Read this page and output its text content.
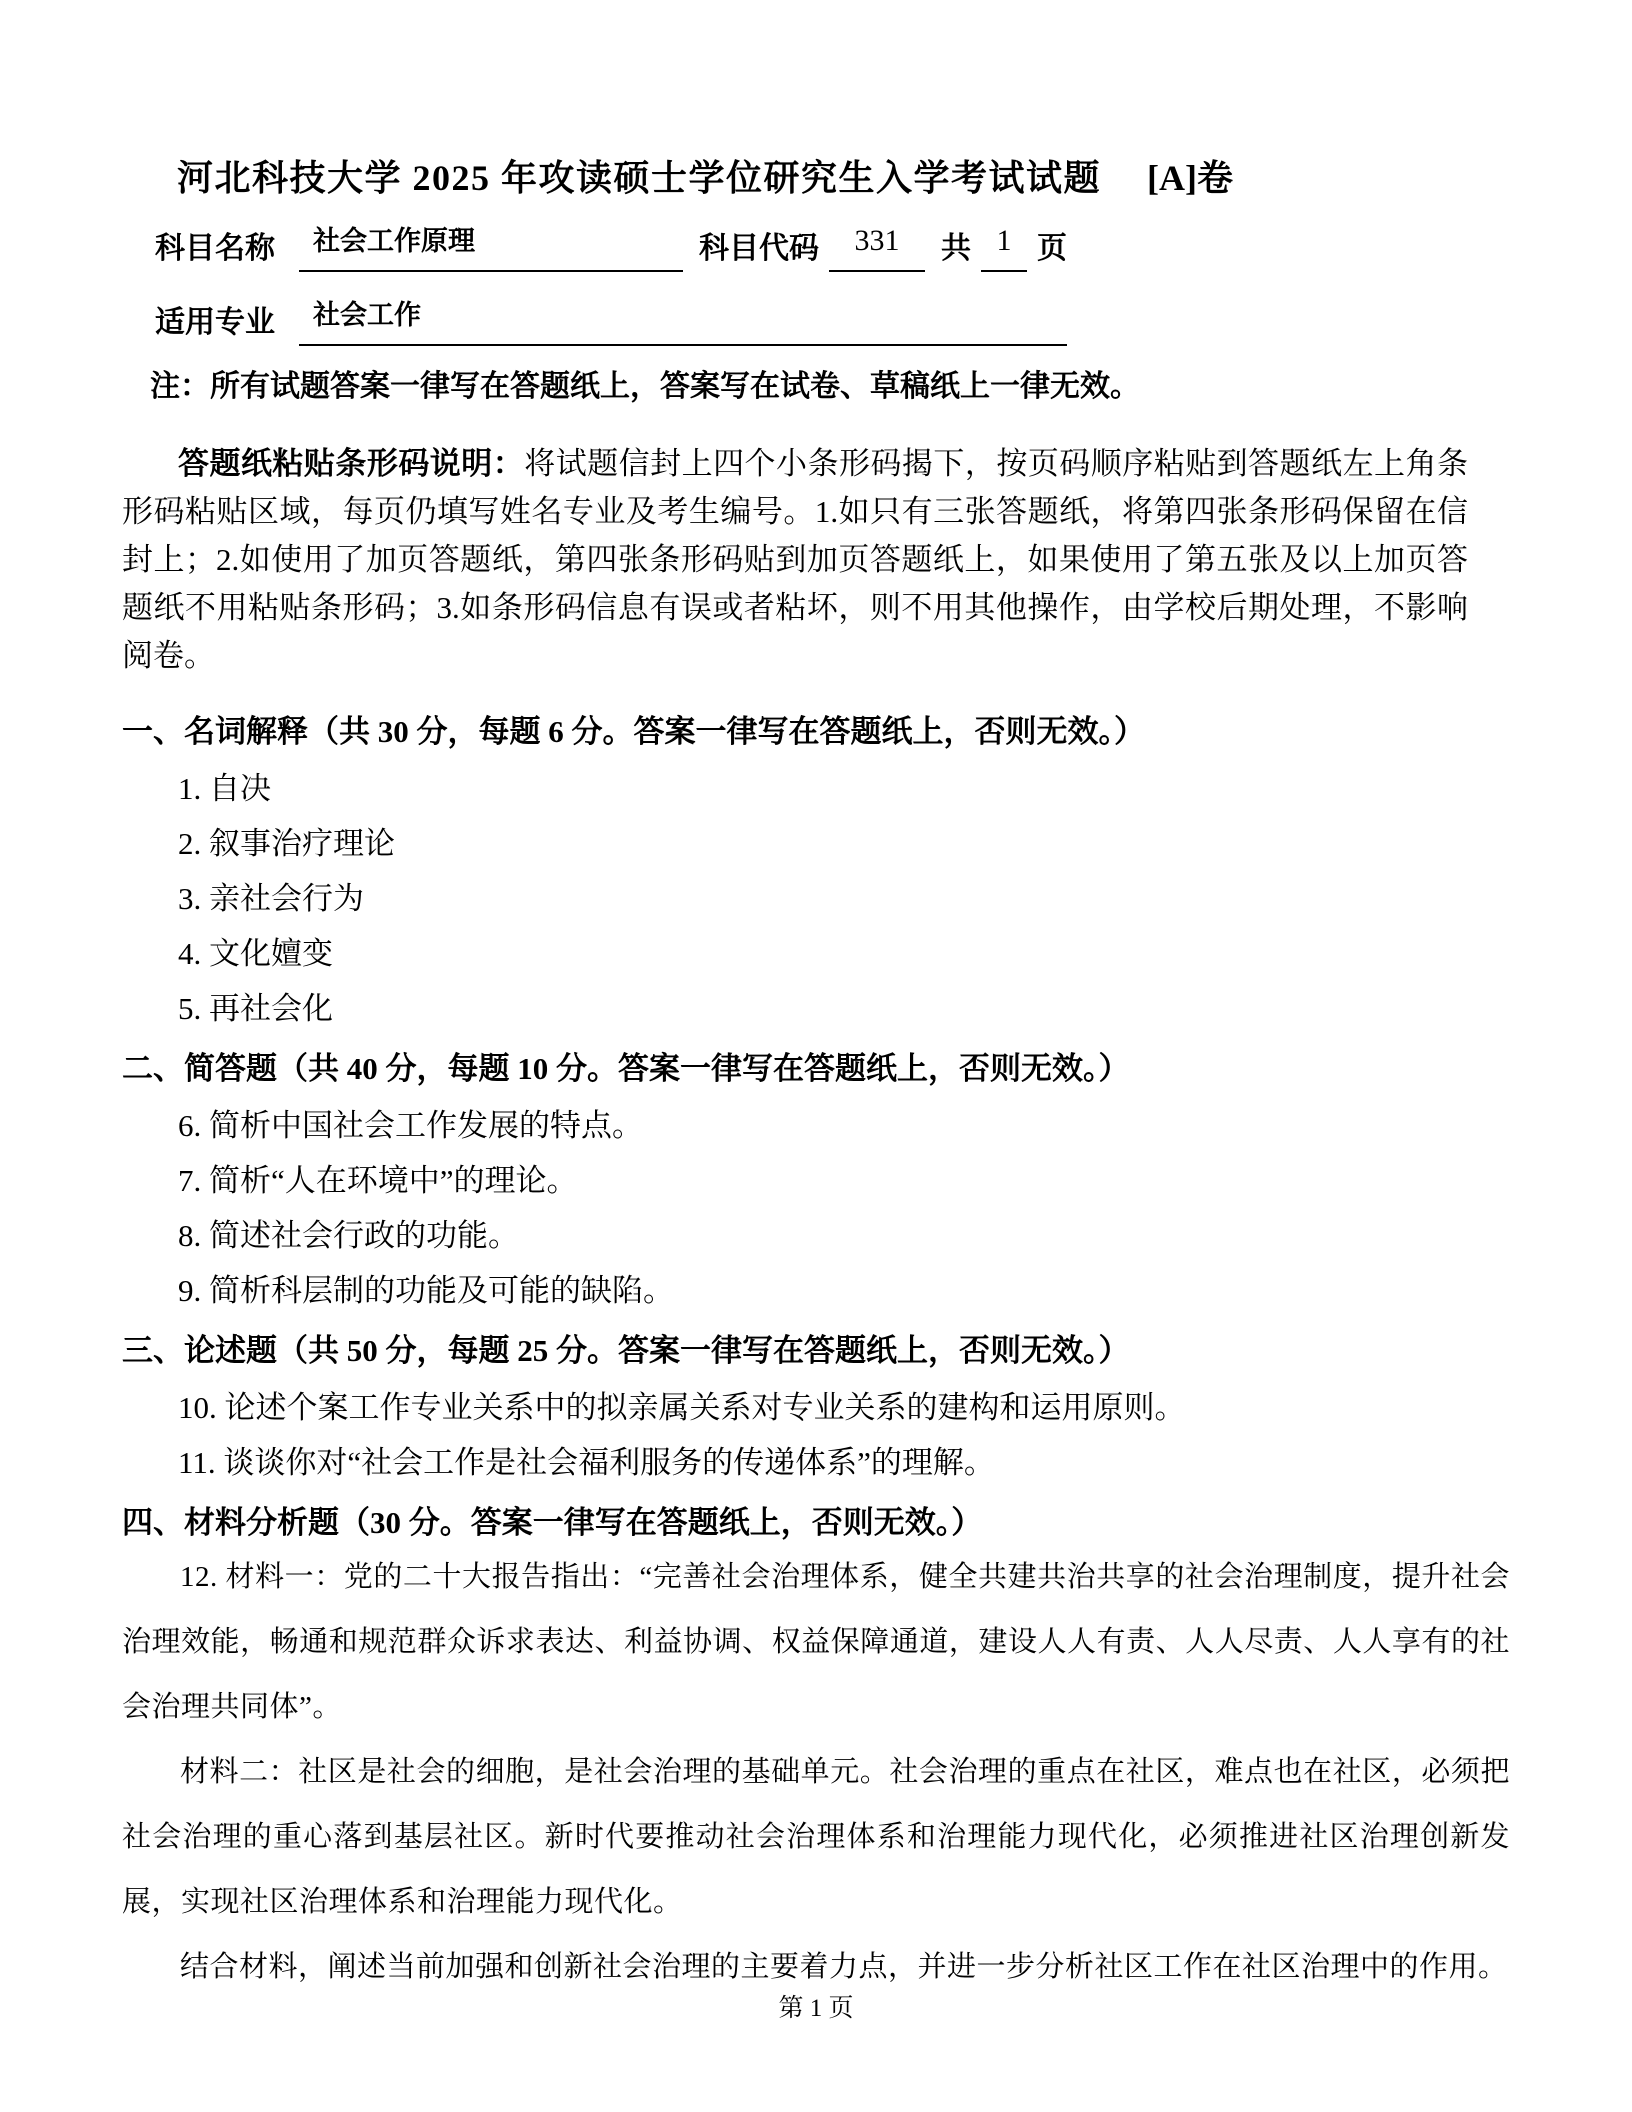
河北科技大学 2025 年攻读硕士学位研究生入学考试试题 [A]卷
科目名称	社会工作原理	科目代码	331	共 1 页
适用专业	社会工作
注：所有试题答案一律写在答题纸上，答案写在试卷、草稿纸上一律无效。
答题纸粘贴条形码说明：将试题信封上四个小条形码揭下，按页码顺序粘贴到答题纸左上角条形码粘贴区域，每页仍填写姓名专业及考生编号。1.如只有三张答题纸，将第四张条形码保留在信封上；2.如使用了加页答题纸，第四张条形码贴到加页答题纸上，如果使用了第五张及以上加页答题纸不用粘贴条形码；3.如条形码信息有误或者粘坏，则不用其他操作，由学校后期处理，不影响阅卷。
一、名词解释（共 30 分，每题 6 分。答案一律写在答题纸上，否则无效。）
1. 自决
2. 叙事治疗理论
3. 亲社会行为
4. 文化嬗变
5. 再社会化
二、简答题（共 40 分，每题 10 分。答案一律写在答题纸上，否则无效。）
6. 简析中国社会工作发展的特点。
7. 简析“人在环境中”的理论。
8. 简述社会行政的功能。
9. 简析科层制的功能及可能的缺陷。
三、论述题（共 50 分，每题 25 分。答案一律写在答题纸上，否则无效。）
10. 论述个案工作专业关系中的拟亲属关系对专业关系的建构和运用原则。
11. 谈谈你对“社会工作是社会福利服务的传递体系”的理解。
四、材料分析题（30 分。答案一律写在答题纸上，否则无效。）

12. 材料一：党的二十大报告指出：“完善社会治理体系，健全共建共治共享的社会治理制度，提升社会治理效能，畅通和规范群众诉求表达、利益协调、权益保障通道，建设人人有责、人人尽责、人人享有的社会治理共同体”。

材料二：社区是社会的细胞，是社会治理的基础单元。社会治理的重点在社区，难点也在社区，必须把社会治理的重心落到基层社区。新时代要推动社会治理体系和治理能力现代化，必须推进社区治理创新发展，实现社区治理体系和治理能力现代化。

结合材料，阐述当前加强和创新社会治理的主要着力点，并进一步分析社区工作在社区治理中的作用。

第 1 页
